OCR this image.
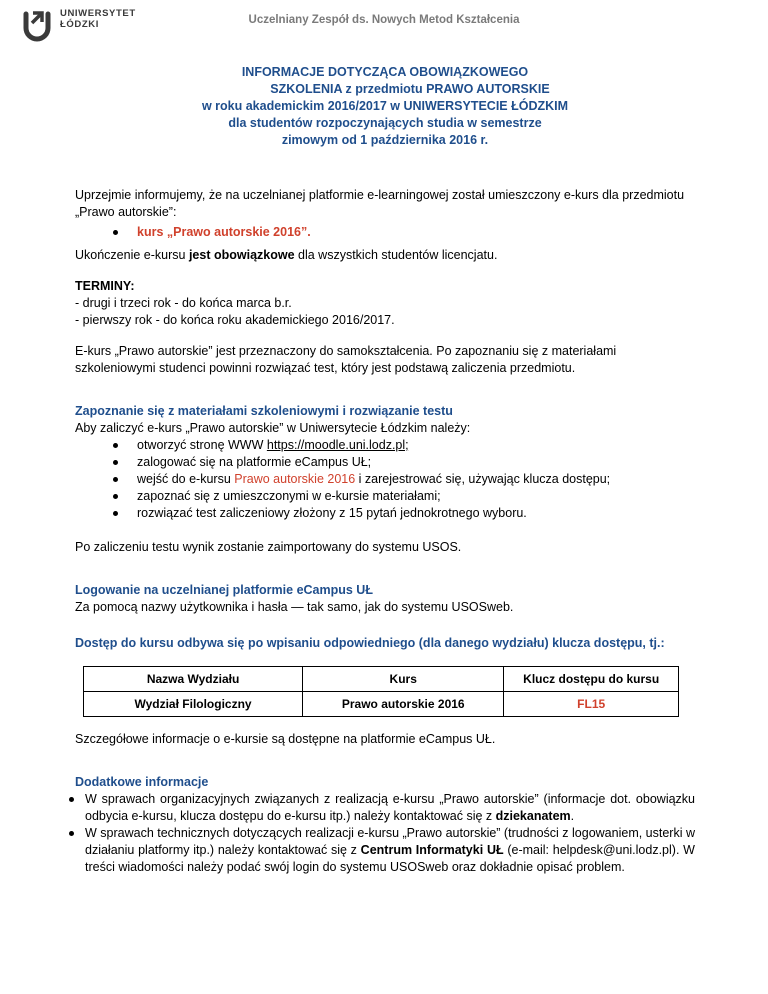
UNIWERSYTET
ŁÓDZKI	Uczelniany Zespół ds. Nowych Metod Kształcenia
INFORMACJE DOTYCZĄCA OBOWIĄZKOWEGO
SZKOLENIA z przedmiotu PRAWO AUTORSKIE
w roku akademickim 2016/2017 w UNIWERSYTECIE ŁÓDZKIM
dla studentów rozpoczynających studia w semestrze
zimowym od 1 października 2016 r.

Uprzejmie informujemy, że na uczelnianej platformie e-learningowej został umieszczony e-kurs dla przedmiotu „Prawo autorskie”:

kurs „Prawo autorskie 2016”.

Ukończenie e-kursu jest obowiązkowe dla wszystkich studentów licencjatu.

TERMINY:

- drugi i trzeci rok - do końca marca b.r.

- pierwszy rok - do końca roku akademickiego 2016/2017.

E-kurs „Prawo autorskie” jest przeznaczony do samokształcenia. Po zapoznaniu się z materiałami szkoleniowymi studenci powinni rozwiązać test, który jest podstawą zaliczenia przedmiotu.

Zapoznanie się z materiałami szkoleniowymi i rozwiązanie testu

Aby zaliczyć e-kurs „Prawo autorskie” w Uniwersytecie Łódzkim należy:

otworzyć stronę WWW https://moodle.uni.lodz.pl;
zalogować się na platformie eCampus UŁ;
wejść do e-kursu Prawo autorskie 2016 i zarejestrować się, używając klucza dostępu;
zapoznać się z umieszczonymi w e-kursie materiałami;
rozwiązać test zaliczeniowy złożony z 15 pytań jednokrotnego wyboru.

Po zaliczeniu testu wynik zostanie zaimportowany do systemu USOS.

Logowanie na uczelnianej platformie eCampus UŁ

Za pomocą nazwy użytkownika i hasła — tak samo, jak do systemu USOSweb.

Dostęp do kursu odbywa się po wpisaniu odpowiedniego (dla danego wydziału) klucza dostępu, tj.:

Nazwa Wydziału	Kurs	Klucz dostępu do kursu
Wydział Filologiczny	Prawo autorskie 2016	FL15

Szczegółowe informacje o e-kursie są dostępne na platformie eCampus UŁ.

Dodatkowe informacje

W sprawach organizacyjnych związanych z realizacją e-kursu „Prawo autorskie” (informacje dot. obowiązku odbycia e-kursu, klucza dostępu do e-kursu itp.) należy kontaktować się z dziekanatem.
W sprawach technicznych dotyczących realizacji e-kursu „Prawo autorskie” (trudności z logowaniem, usterki w działaniu platformy itp.) należy kontaktować się z Centrum Informatyki UŁ (e-mail: helpdesk@uni.lodz.pl). W treści wiadomości należy podać swój login do systemu USOSweb oraz dokładnie opisać problem.
